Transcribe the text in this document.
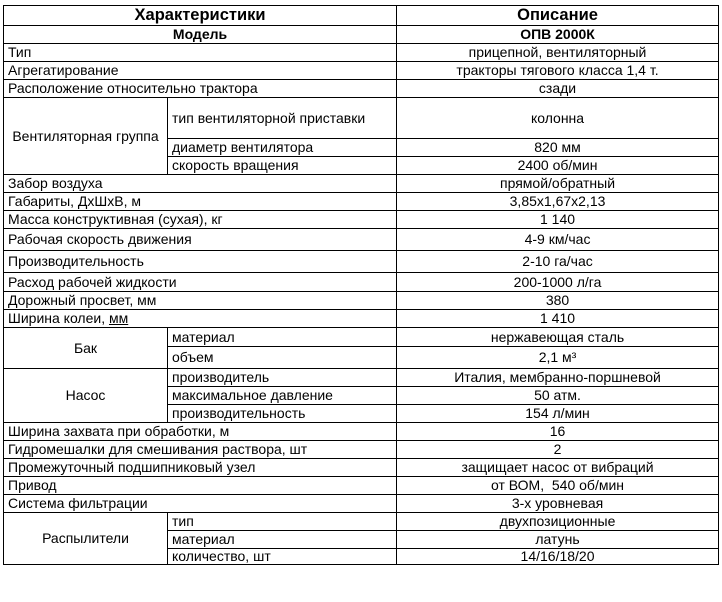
Характеристики		Описание
Модель		ОПВ 2000К
Тип		прицепной, вентиляторный
Агрегатирование		тракторы тягового класса 1,4 т.
Расположение относительно трактора		сзади
Вентиляторная группа	тип вентиляторной приставки	колонна
	диаметр вентилятора	820 мм
	скорость вращения	2400 об/мин
Забор воздуха		прямой/обратный
Габариты, ДхШхВ, м		3,85х1,67х2,13
Масса конструктивная (сухая), кг		1 140
Рабочая скорость движения		4-9 км/час
Производительность		2-10 га/час
Расход рабочей жидкости		200-1000 л/га
Дорожный просвет, мм		380
Ширина колеи, мм		1 410
Бак	материал	нержавеющая сталь
	объем	2,1 м³
Насос	производитель	Италия, мембранно-поршневой
	максимальное давление	50 атм.
	производительность	154 л/мин
Ширина захвата при обработки, м		16
Гидромешалки для смешивания раствора, шт		2
Промежуточный подшипниковый узел		защищает насос от вибраций
Привод		от ВОМ,  540 об/мин
Система фильтрации		3-х уровневая
Распылители	тип	двухпозиционные
	материал	латунь
	количество, шт	14/16/18/20
